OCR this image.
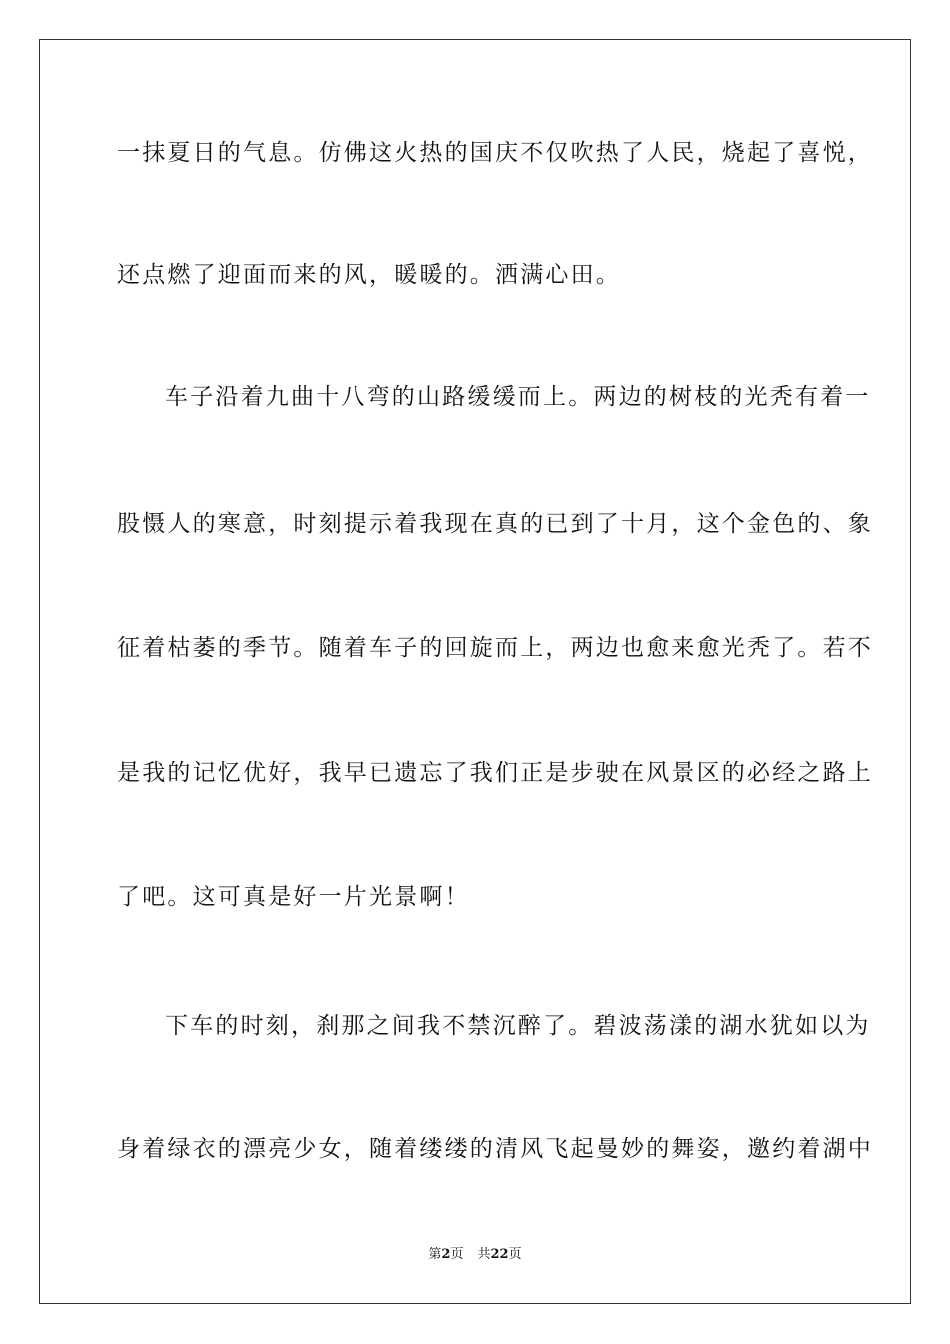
一抹夏日的气息。仿佛这火热的国庆不仅吹热了人民，烧起了喜悦，
还点燃了迎面而来的风，暖暖的。洒满心田。
车子沿着九曲十八弯的山路缓缓而上。两边的树枝的光秃有着一
股慑人的寒意，时刻提示着我现在真的已到了十月，这个金色的、象
征着枯萎的季节。随着车子的回旋而上，两边也愈来愈光秃了。若不
是我的记忆优好，我早已遗忘了我们正是步驶在风景区的必经之路上
了吧。这可真是好一片光景啊！
下车的时刻，刹那之间我不禁沉醉了。碧波荡漾的湖水犹如以为
身着绿衣的漂亮少女，随着缕缕的清风飞起曼妙的舞姿，邀约着湖中
第2页 共22页
